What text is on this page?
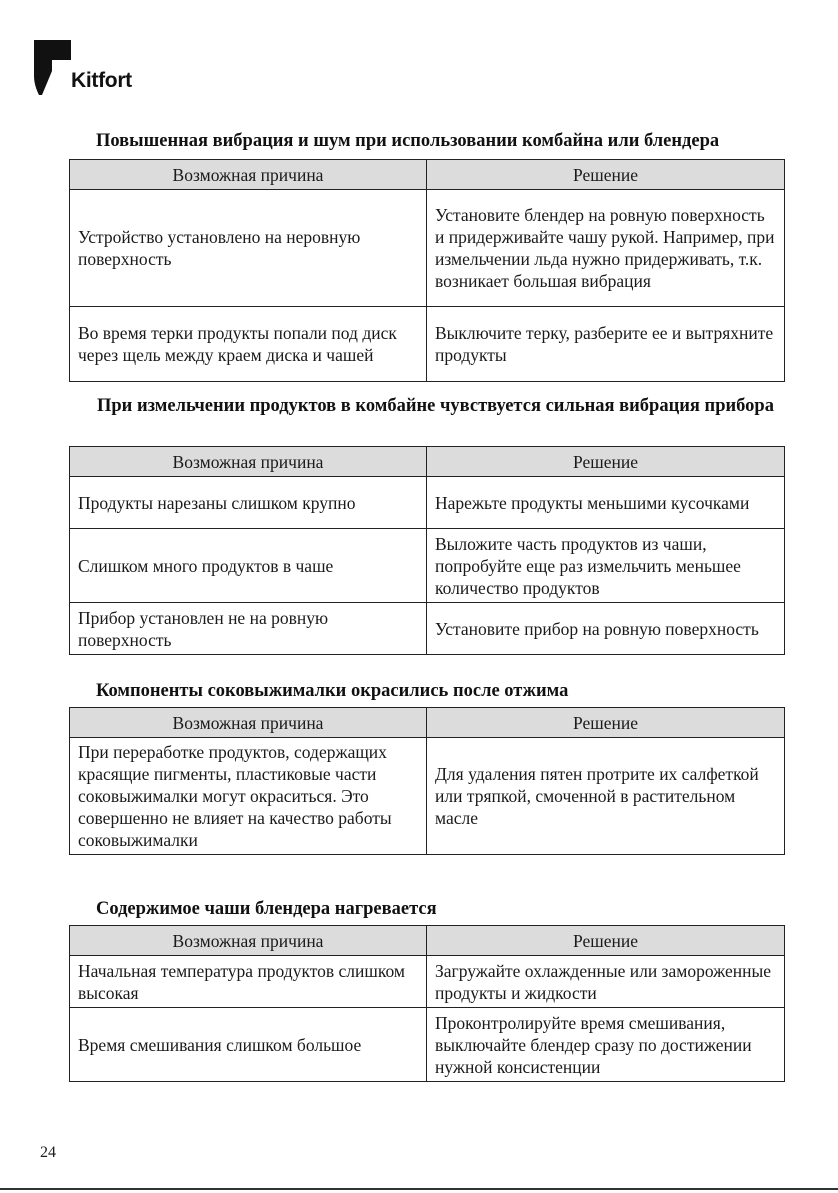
Kitfort
Повышенная вибрация и шум при использовании комбайна или блендера
Возможная причина	Решение
Устройство установлено на неровную поверхность	Установите блендер на ровную поверхность и придерживайте чашу рукой. Например, при измельчении льда нужно придерживать, т.к. возникает большая вибрация
Во время терки продукты попали под диск через щель между краем диска и чашей	Выключите терку, разберите ее и вытряхните продукты
При измельчении продуктов в комбайне чувствуется сильная вибрация прибора
Возможная причина	Решение
Продукты нарезаны слишком крупно	Нарежьте продукты меньшими кусочками
Слишком много продуктов в чаше	Выложите часть продуктов из чаши, попробуйте еще раз измельчить меньшее количество продуктов
Прибор установлен не на ровную поверхность	Установите прибор на ровную поверхность
Компоненты соковыжималки окрасились после отжима
Возможная причина	Решение
При переработке продуктов, содержащих красящие пигменты, пластиковые части соковыжималки могут окраситься. Это совершенно не влияет на качество работы соковыжималки	Для удаления пятен протрите их салфеткой или тряпкой, смоченной в растительном масле
Содержимое чаши блендера нагревается
Возможная причина	Решение
Начальная температура продуктов слишком высокая	Загружайте охлажденные или замороженные продукты и жидкости
Время смешивания слишком большое	Проконтролируйте время смешивания, выключайте блендер сразу по достижении нужной консистенции
24
